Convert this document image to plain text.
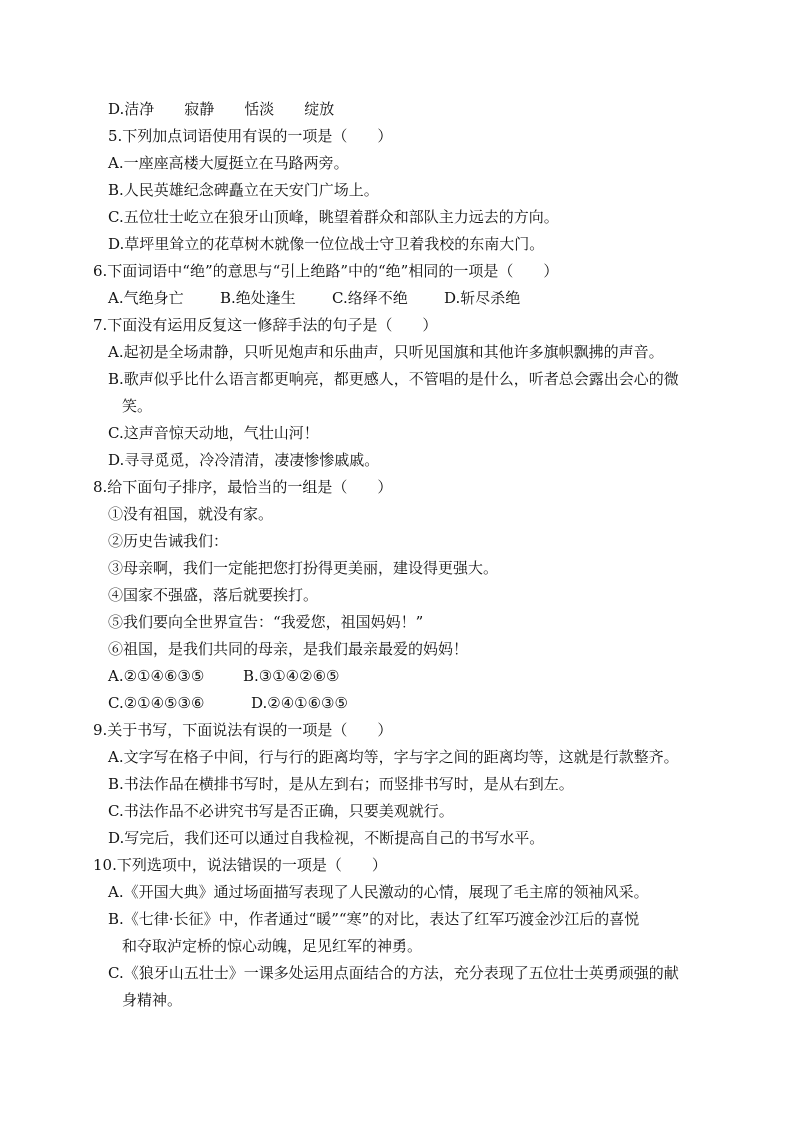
D.洁净　　寂静　　恬淡　　绽放
5.下列加点词语使用有误的一项是（　　）
A.一座座高楼大厦挺立在马路两旁。
B.人民英雄纪念碑矗立在天安门广场上。
C.五位壮士屹立在狼牙山顶峰，眺望着群众和部队主力远去的方向。
D.草坪里耸立的花草树木就像一位位战士守卫着我校的东南大门。
6.下面词语中“绝”的意思与“引上绝路”中的“绝”相同的一项是（　　）
A.气绝身亡 B.绝处逢生 C.络绎不绝 D.斩尽杀绝
7.下面没有运用反复这一修辞手法的句子是（　　）
A.起初是全场肃静，只听见炮声和乐曲声，只听见国旗和其他许多旗帜飘拂的声音。
B.歌声似乎比什么语言都更响亮，都更感人，不管唱的是什么，听者总会露出会心的微
笑。
C.这声音惊天动地，气壮山河！
D.寻寻觅觅，冷冷清清，凄凄惨惨戚戚。
8.给下面句子排序，最恰当的一组是（　　）
①没有祖国，就没有家。
②历史告诫我们：
③母亲啊，我们一定能把您打扮得更美丽，建设得更强大。
④国家不强盛，落后就要挨打。
⑤我们要向全世界宣告：“我爱您，祖国妈妈！”
⑥祖国，是我们共同的母亲，是我们最亲最爱的妈妈！
A.②①④⑥③⑤	B.③①④②⑥⑤
C.②①④⑤③⑥	D.②④①⑥③⑤
9.关于书写，下面说法有误的一项是（　　）
A.文字写在格子中间，行与行的距离均等，字与字之间的距离均等，这就是行款整齐。
B.书法作品在横排书写时，是从左到右；而竖排书写时，是从右到左。
C.书法作品不必讲究书写是否正确，只要美观就行。
D.写完后，我们还可以通过自我检视，不断提高自己的书写水平。
10.下列选项中，说法错误的一项是（　　）
A.《开国大典》通过场面描写表现了人民激动的心情，展现了毛主席的领袖风采。
B.《七律·长征》中，作者通过“暖”“寒”的对比，表达了红军巧渡金沙江后的喜悦
和夺取泸定桥的惊心动魄，足见红军的神勇。
C.《狼牙山五壮士》一课多处运用点面结合的方法，充分表现了五位壮士英勇顽强的献
身精神。
